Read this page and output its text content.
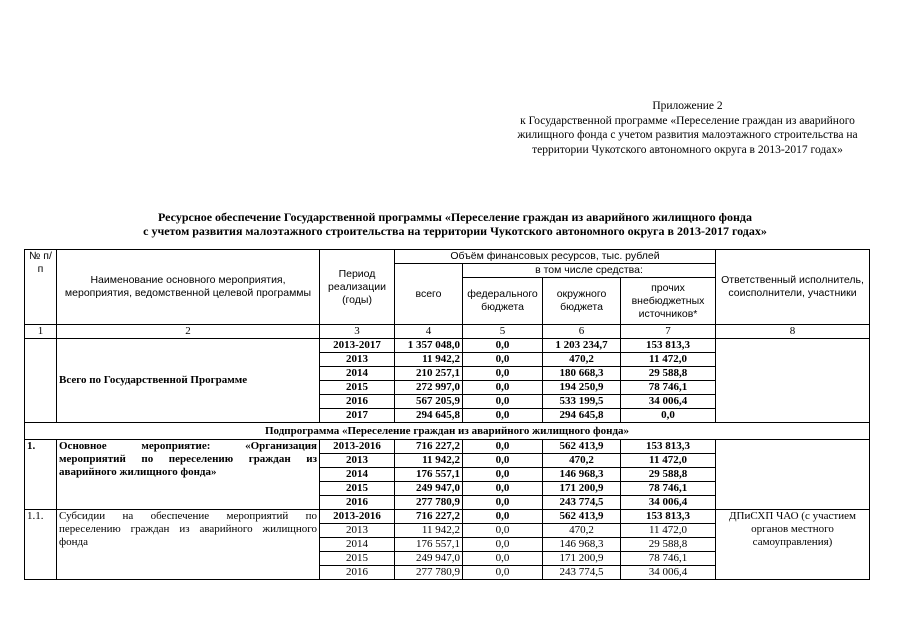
Приложение 2
к Государственной программе «Переселение граждан из аварийного жилищного фонда с учетом развития малоэтажного строительства на территории Чукотского автономного округа в 2013-2017 годах»
Ресурсное обеспечение Государственной программы «Переселение граждан из аварийного жилищного фонда
с учетом развития малоэтажного строительства на территории Чукотского автономного округа в 2013-2017 годах»
№ п/п	Наименование основного мероприятия, мероприятия, ведомственной целевой программы	Период реализации (годы)	Объём финансовых ресурсов, тыс. рублей				Ответственный исполнитель, соисполнители, участники
			всего	в том числе средства:			
				федерального бюджета	окружного бюджета	прочих внебюджетных источников*	
1	2	3	4	5	6	7	8
	Всего по Государственной Программе	2013-2017	1 357 048,0	0,0	1 203 234,7	153 813,3	
		2013	11 942,2	0,0	470,2	11 472,0	
		2014	210 257,1	0,0	180 668,3	29 588,8	
		2015	272 997,0	0,0	194 250,9	78 746,1	
		2016	567 205,9	0,0	533 199,5	34 006,4	
		2017	294 645,8	0,0	294 645,8	0,0	
Подпрограмма «Переселение граждан из аварийного жилищного фонда»							
1.	Основное мероприятие: «Организация мероприятий по переселению граждан из аварийного жилищного фонда»	2013-2016	716 227,2	0,0	562 413,9	153 813,3	
		2013	11 942,2	0,0	470,2	11 472,0	
		2014	176 557,1	0,0	146 968,3	29 588,8	
		2015	249 947,0	0,0	171 200,9	78 746,1	
		2016	277 780,9	0,0	243 774,5	34 006,4	
1.1.	Субсидии на обеспечение мероприятий по переселению граждан из аварийного жилищного фонда	2013-2016	716 227,2	0,0	562 413,9	153 813,3	ДПиСХП ЧАО (с участием органов местного самоуправления)
		2013	11 942,2	0,0	470,2	11 472,0	
		2014	176 557,1	0,0	146 968,3	29 588,8	
		2015	249 947,0	0,0	171 200,9	78 746,1	
		2016	277 780,9	0,0	243 774,5	34 006,4	
